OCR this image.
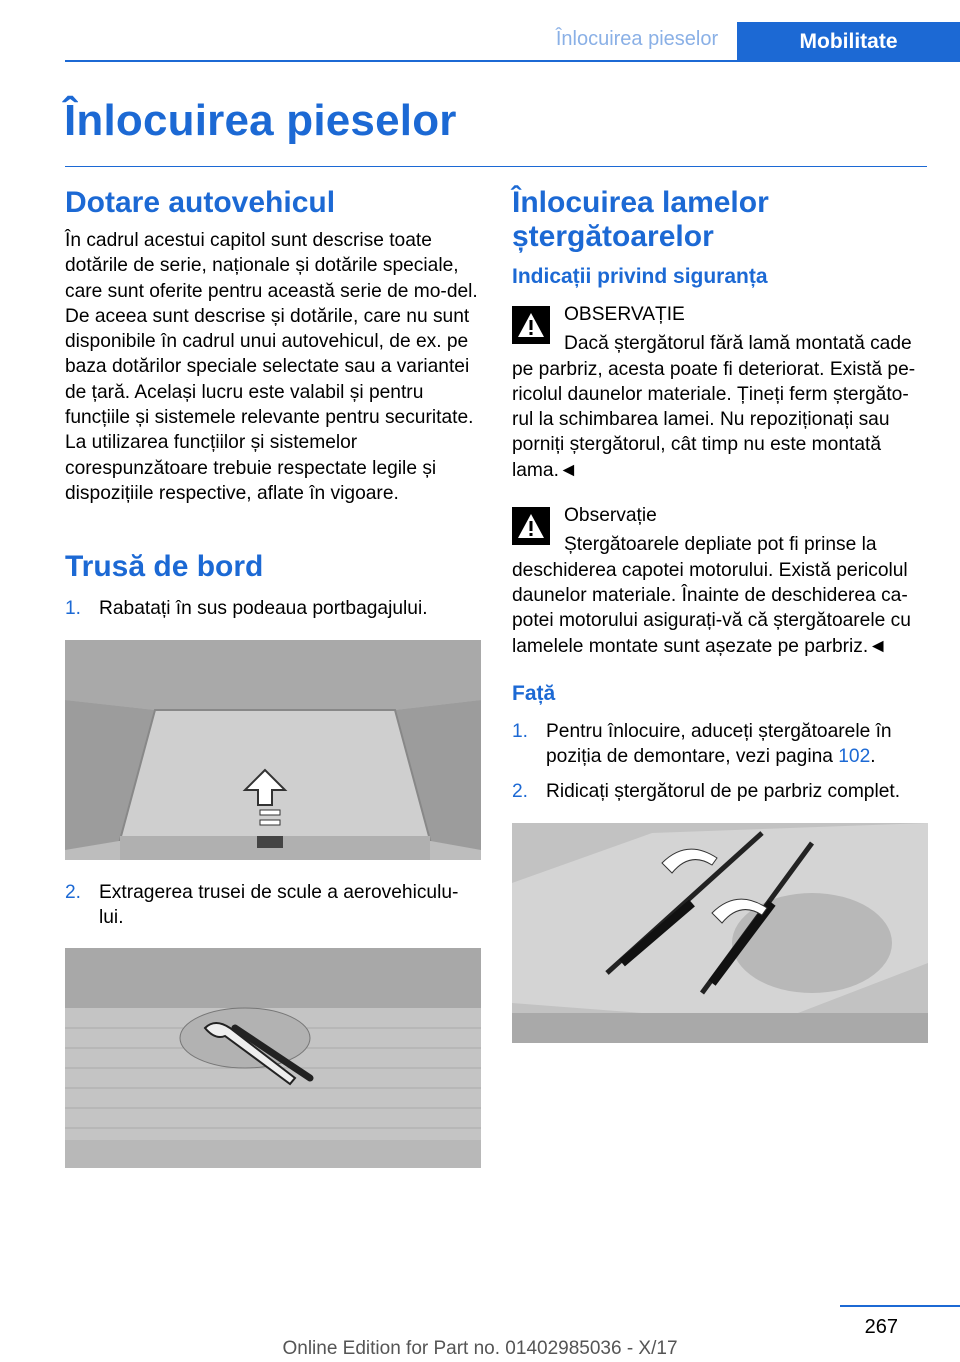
Înlocuirea pieselor	Mobilitate
Înlocuirea pieselor
Dotare autovehicul

În cadrul acestui capitol sunt descrise toate dotările de serie, naționale și dotările speciale, care sunt oferite pentru această serie de mo-del. De aceea sunt descrise și dotările, care nu sunt disponibile în cadrul unui autovehicul, de ex. pe baza dotărilor speciale selectate sau a variantei de țară. Același lucru este valabil și pentru funcțiile și sistemele relevante pentru securitate. La utilizarea funcțiilor și sistemelor corespunzătoare trebuie respectate legile și dispozițiile respective, aflate în vigoare.

Trusă de bord
1. Rabatați în sus podeaua portbagajului.
2. Extragerea trusei de scule a aerovehiculu-lui.
Înlocuirea lamelor ștergătoarelor
Indicații privind siguranța
OBSERVAȚIE

Dacă ștergătorul fără lamă montată cade pe parbriz, acesta poate fi deteriorat. Există pe-ricolul daunelor materiale. Țineți ferm ștergăto-rul la schimbarea lamei. Nu repoziționați sau porniți ștergătorul, cât timp nu este montată lama.◄

Observație

Ștergătoarele depliate pot fi prinse la deschiderea capotei motorului. Există pericolul daunelor materiale. Înainte de deschiderea ca-potei motorului asigurați-vă că ștergătoarele cu lamelele montate sunt așezate pe parbriz.◄

Față
1. Pentru înlocuire, aduceți ștergătoarele în poziția de demontare, vezi pagina 102.
2. Ridicați ștergătorul de pe parbriz complet.
267
Online Edition for Part no. 01402985036 - X/17
